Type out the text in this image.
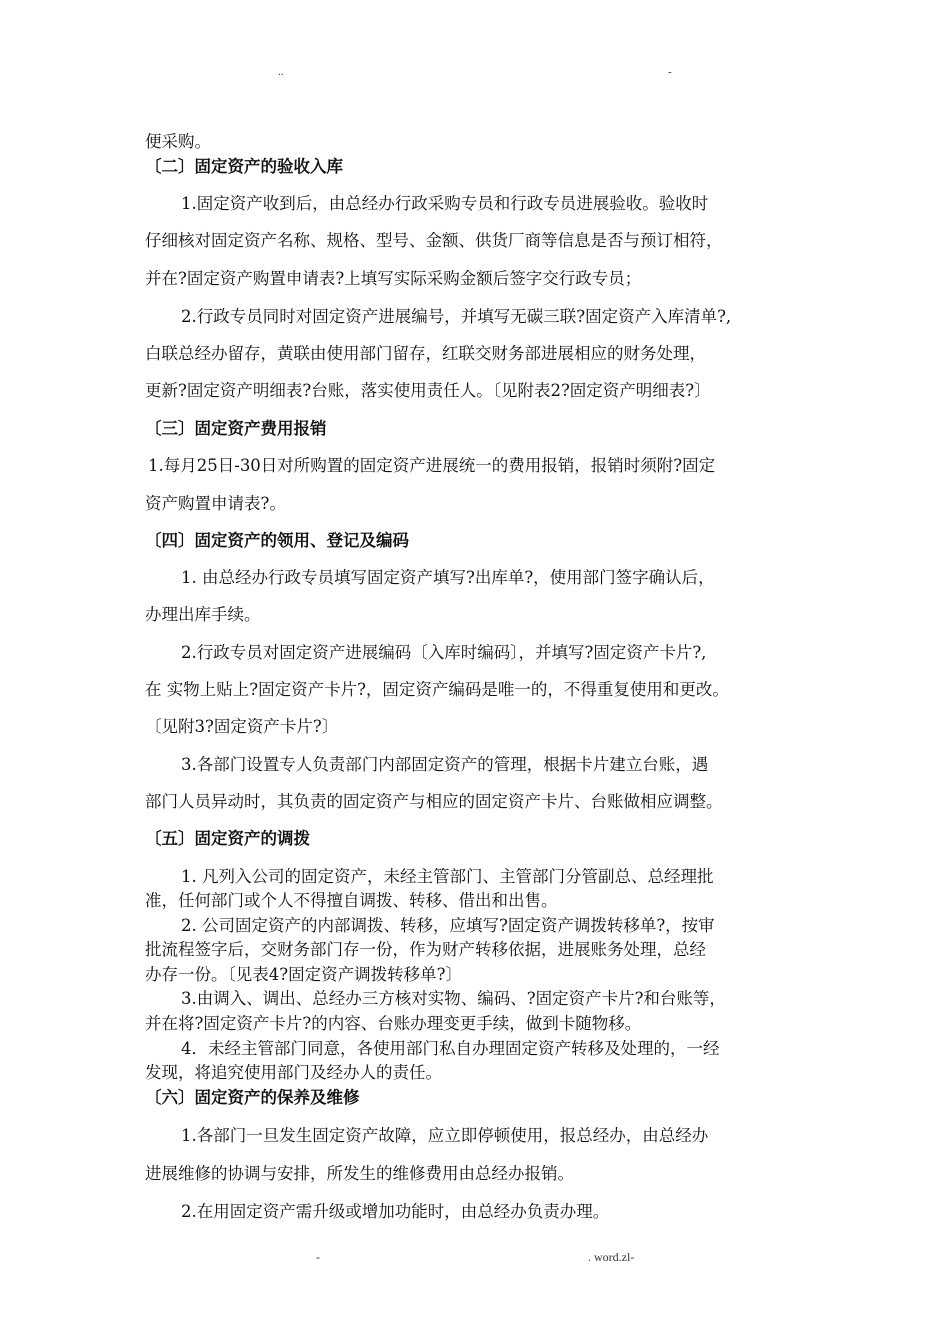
..	-
便采购。
〔二〕固定资产的验收入库
1.固定资产收到后，由总经办行政采购专员和行政专员进展验收。验收时
仔细核对固定资产名称、规格、型号、金额、供货厂商等信息是否与预订相符，
并在?固定资产购置申请表?上填写实际采购金额后签字交行政专员；
2.行政专员同时对固定资产进展编号，并填写无碳三联?固定资产入库清单?,
白联总经办留存，黄联由使用部门留存，红联交财务部进展相应的财务处理，
更新?固定资产明细表?台账，落实使用责任人。〔见附表2?固定资产明细表?〕
〔三〕固定资产费用报销
1.每月25日-30日对所购置的固定资产进展统一的费用报销，报销时须附?固定
资产购置申请表?。
〔四〕固定资产的领用、登记及编码
1. 由总经办行政专员填写固定资产填写?出库单?，使用部门签字确认后，
办理出库手续。
2.行政专员对固定资产进展编码〔入库时编码〕，并填写?固定资产卡片?,
在 实物上贴上?固定资产卡片?，固定资产编码是唯一的，不得重复使用和更改。
〔见附3?固定资产卡片?〕
3.各部门设置专人负责部门内部固定资产的管理，根据卡片建立台账，遇
部门人员异动时，其负责的固定资产与相应的固定资产卡片、台账做相应调整。
〔五〕固定资产的调拨
1. 凡列入公司的固定资产，未经主管部门、主管部门分管副总、总经理批
准，任何部门或个人不得擅自调拨、转移、借出和出售。
2. 公司固定资产的内部调拨、转移，应填写?固定资产调拨转移单?，按审
批流程签字后，交财务部门存一份，作为财产转移依据，进展账务处理，总经
办存一份。〔见表4?固定资产调拨转移单?〕
3.由调入、调出、总经办三方核对实物、编码、?固定资产卡片?和台账等，
并在将?固定资产卡片?的内容、台账办理变更手续，做到卡随物移。
4．未经主管部门同意，各使用部门私自办理固定资产转移及处理的，一经
发现，将追究使用部门及经办人的责任。
〔六〕固定资产的保养及维修
1.各部门一旦发生固定资产故障，应立即停顿使用，报总经办，由总经办
进展维修的协调与安排，所发生的维修费用由总经办报销。
2.在用固定资产需升级或增加功能时，由总经办负责办理。
-	. word.zl-
